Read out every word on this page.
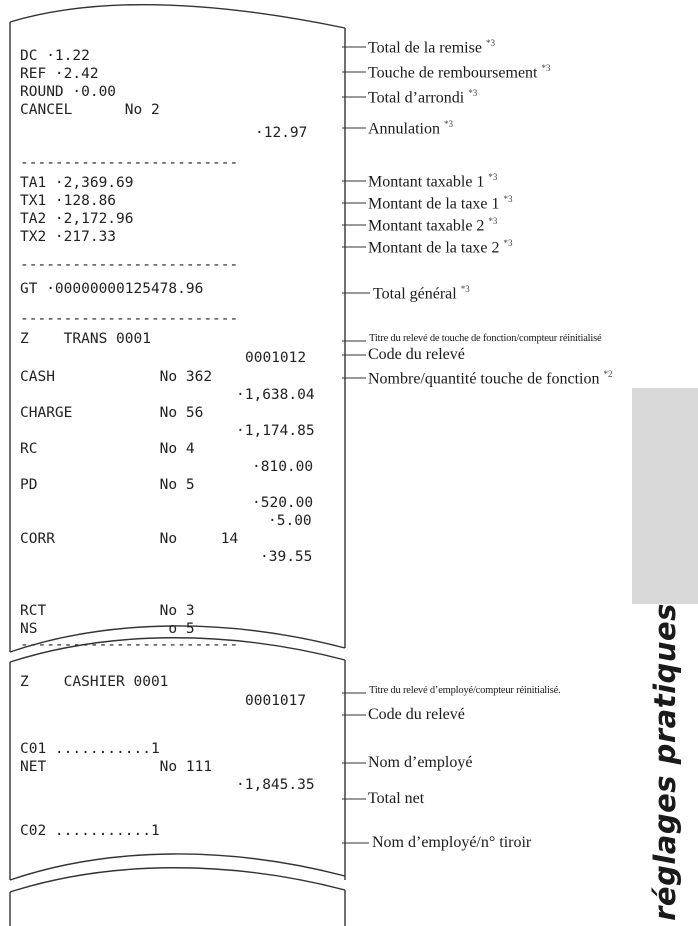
DC ·1.22
REF ·2.42
ROUND ·0.00
CANCEL      No 2
·12.97
-------------------------
TA1 ·2,369.69
TX1 ·128.86
TA2 ·2,172.96
TX2 ·217.33
-------------------------
GT ·00000000125478.96
-------------------------
Z    TRANS 0001
0001012
CASH            No 362
·1,638.04
CHARGE          No 56
·1,174.85
RC              No 4
·810.00
PD              No 5
·520.00
·5.00
CORR            No     14
·39.55
RCT             No 3
NS               o 5
-------------------------
Z    CASHIER 0001
0001017
C01 ...........1
NET             No 111
·1,845.35
C02 ...........1
Total de la remise $^{*3}$
Touche de remboursement $^{*3}$
Total d’arrondi $^{*3}$
Annulation $^{*3}$
Montant taxable 1 $^{*3}$
Montant de la taxe 1 $^{*3}$
Montant taxable 2 $^{*3}$
Montant de la taxe 2 $^{*3}$
Total général $^{*3}$
Titre du relevé de touche de fonction/compteur réinitialisé
Code du relevé
Nombre/quantité touche de fonction $^{*2}$
Titre du relevé d’employé/compteur réinitialisé.
Code du relevé
Nom d’employé
Total net
Nom d’employé/n° tiroir	réglages pratiques
